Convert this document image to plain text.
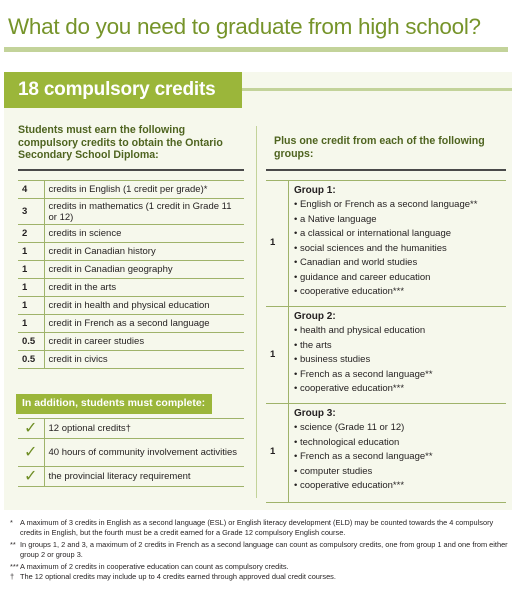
What do you need to graduate from high school?
18 compulsory credits
Students must earn the following compulsory credits to obtain the Ontario Secondary School Diploma:
Plus one credit from each of the following groups:
4	credits in English (1 credit per grade)*
3	credits in mathematics (1 credit in Grade 11 or 12)
2	credits in science
1	credit in Canadian history
1	credit in Canadian geography
1	credit in the arts
1	credit in health and physical education
1	credit in French as a second language
0.5	credit in career studies
0.5	credit in civics
In addition, students must complete:
✓	12 optional credits†
✓	40 hours of community involvement activities
✓	the provincial literacy requirement
1
Group 1:
• English or French as a second language**
• a Native language
• a classical or international language
• social sciences and the humanities
• Canadian and world studies
• guidance and career education
• cooperative education***
1
Group 2:
• health and physical education
• the arts
• business studies
• French as a second language**
• cooperative education***
1
Group 3:
• science (Grade 11 or 12)
• technological education
• French as a second language**
• computer studies
• cooperative education***
* A maximum of 3 credits in English as a second language (ESL) or English literacy development (ELD) may be counted towards the 4 compulsory credits in English, but the fourth must be a credit earned for a Grade 12 compulsory English course.
** In groups 1, 2 and 3, a maximum of 2 credits in French as a second language can count as compulsory credits, one from group 1 and one from either group 2 or group 3.
*** A maximum of 2 credits in cooperative education can count as compulsory credits.
† The 12 optional credits may include up to 4 credits earned through approved dual credit courses.
